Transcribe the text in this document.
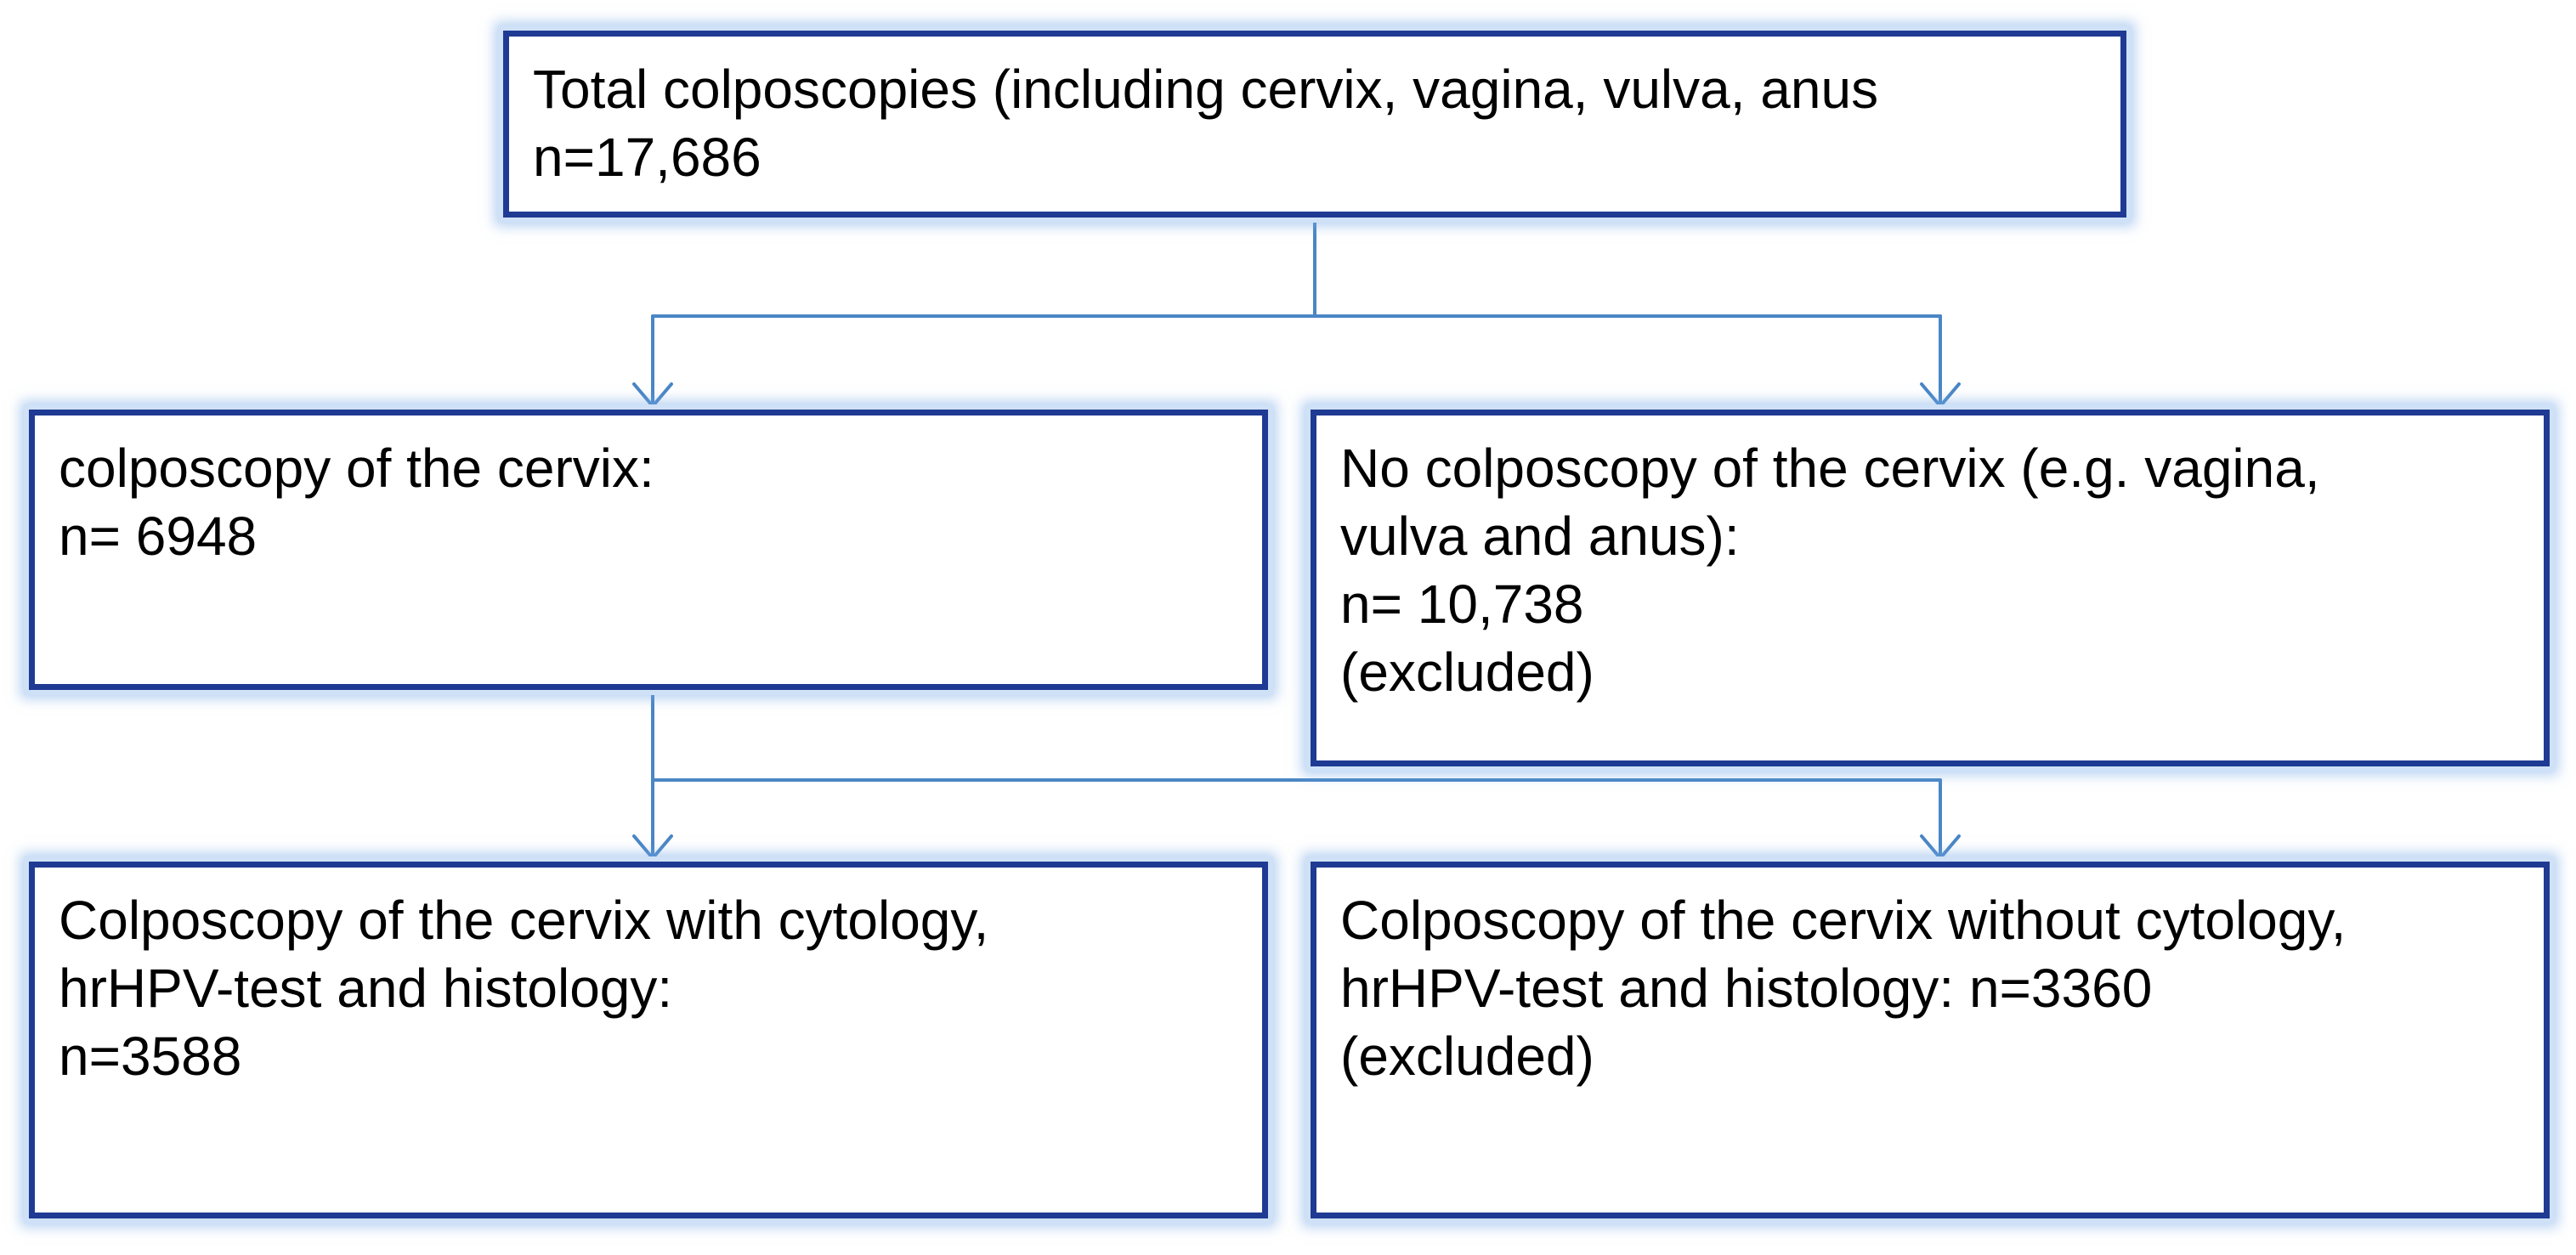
Total colposcopies (including cervix, vagina, vulva, anus
n=17,686
colposcopy of the cervix:
n= 6948
No colposcopy of the cervix (e.g. vagina,
vulva and anus):
n= 10,738
(excluded)
Colposcopy of the cervix with cytology,
hrHPV-test and histology:
n=3588
Colposcopy of the cervix without cytology,
hrHPV-test and histology: n=3360
(excluded)
